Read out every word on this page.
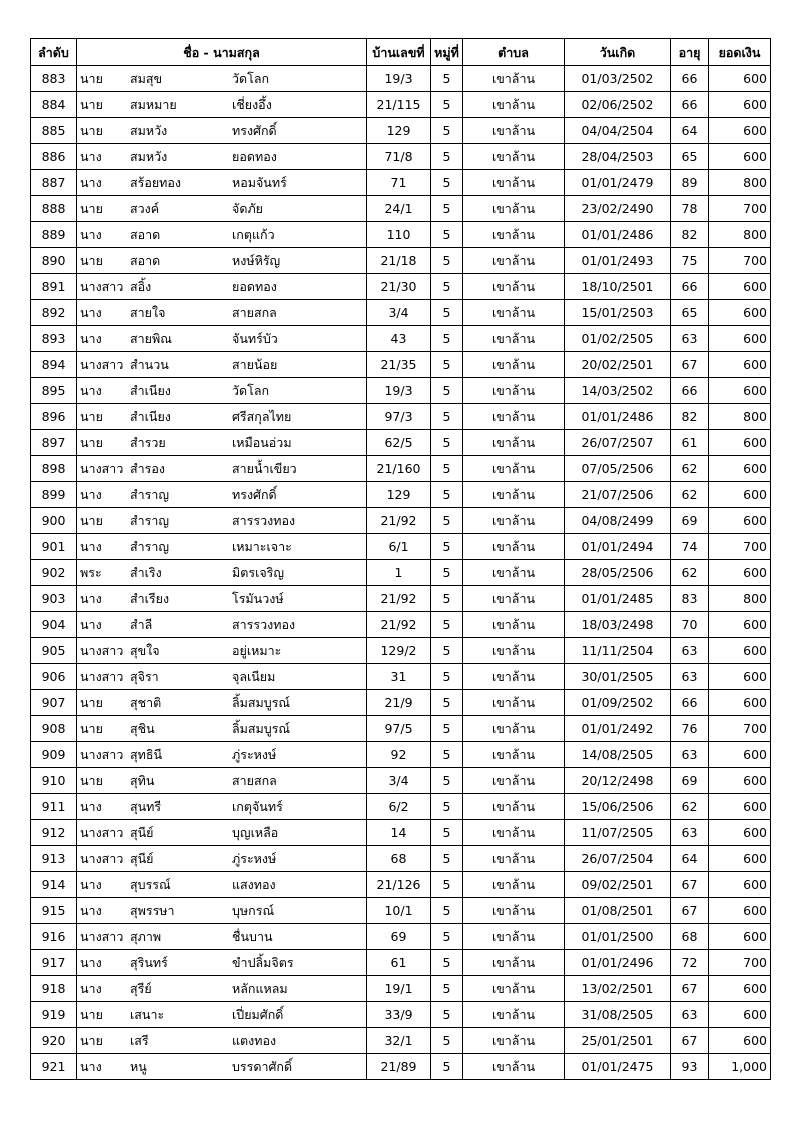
ลำดับ	ชื่อ - นามสกุล	บ้านเลขที่	หมู่ที่	ตำบล	วันเกิด	อายุ	ยอดเงิน
883	นาย สมสุข วัดโลก	19/3	5	เขาล้าน	01/03/2502	66	600
884	นาย สมหมาย เชี่ยงอึ้ง	21/115	5	เขาล้าน	02/06/2502	66	600
885	นาย สมหวัง ทรงศักดิ์	129	5	เขาล้าน	04/04/2504	64	600
886	นาง สมหวัง ยอดทอง	71/8	5	เขาล้าน	28/04/2503	65	600
887	นาง สร้อยทอง หอมจันทร์	71	5	เขาล้าน	01/01/2479	89	800
888	นาย สวงค์ จัดภัย	24/1	5	เขาล้าน	23/02/2490	78	700
889	นาง สอาด เกตุแก้ว	110	5	เขาล้าน	01/01/2486	82	800
890	นาย สอาด หงษ์หิรัญ	21/18	5	เขาล้าน	01/01/2493	75	700
891	นางสาว สอิ้ง ยอดทอง	21/30	5	เขาล้าน	18/10/2501	66	600
892	นาง สายใจ สายสกล	3/4	5	เขาล้าน	15/01/2503	65	600
893	นาง สายพิณ จันทร์บัว	43	5	เขาล้าน	01/02/2505	63	600
894	นางสาว สำนวน สายน้อย	21/35	5	เขาล้าน	20/02/2501	67	600
895	นาง สำเนียง วัดโลก	19/3	5	เขาล้าน	14/03/2502	66	600
896	นาย สำเนียง ศรีสกุลไทย	97/3	5	เขาล้าน	01/01/2486	82	800
897	นาย สำรวย เหมือนอ่วม	62/5	5	เขาล้าน	26/07/2507	61	600
898	นางสาว สำรอง สายน้ำเขียว	21/160	5	เขาล้าน	07/05/2506	62	600
899	นาง สำราญ ทรงศักดิ์	129	5	เขาล้าน	21/07/2506	62	600
900	นาย สำราญ สารรวงทอง	21/92	5	เขาล้าน	04/08/2499	69	600
901	นาง สำราญ เหมาะเจาะ	6/1	5	เขาล้าน	01/01/2494	74	700
902	พระ สำเริง มิตรเจริญ	1	5	เขาล้าน	28/05/2506	62	600
903	นาง สำเรียง โรมันวงษ์	21/92	5	เขาล้าน	01/01/2485	83	800
904	นาง สำลี สารรวงทอง	21/92	5	เขาล้าน	18/03/2498	70	600
905	นางสาว สุขใจ อยู่เหมาะ	129/2	5	เขาล้าน	11/11/2504	63	600
906	นางสาว สุจิรา จุลเนียม	31	5	เขาล้าน	30/01/2505	63	600
907	นาย สุชาติ ลิ้มสมบูรณ์	21/9	5	เขาล้าน	01/09/2502	66	600
908	นาย สุชิน ลิ้มสมบูรณ์	97/5	5	เขาล้าน	01/01/2492	76	700
909	นางสาว สุทธินี ภู่ระหงษ์	92	5	เขาล้าน	14/08/2505	63	600
910	นาย สุทิน สายสกล	3/4	5	เขาล้าน	20/12/2498	69	600
911	นาง สุนทรี เกตุจันทร์	6/2	5	เขาล้าน	15/06/2506	62	600
912	นางสาว สุนีย์ บุญเหลือ	14	5	เขาล้าน	11/07/2505	63	600
913	นางสาว สุนีย์ ภู่ระหงษ์	68	5	เขาล้าน	26/07/2504	64	600
914	นาง สุบรรณ์ แสงทอง	21/126	5	เขาล้าน	09/02/2501	67	600
915	นาง สุพรรษา บุษกรณ์	10/1	5	เขาล้าน	01/08/2501	67	600
916	นางสาว สุภาพ ชื่นบาน	69	5	เขาล้าน	01/01/2500	68	600
917	นาง สุรินทร์ ขำปลิ้มจิตร	61	5	เขาล้าน	01/01/2496	72	700
918	นาง สุรีย์ หลักแหลม	19/1	5	เขาล้าน	13/02/2501	67	600
919	นาย เสนาะ เปี่ยมศักดิ์	33/9	5	เขาล้าน	31/08/2505	63	600
920	นาย เสรี แตงทอง	32/1	5	เขาล้าน	25/01/2501	67	600
921	นาง หนู บรรดาศักดิ์	21/89	5	เขาล้าน	01/01/2475	93	1,000
